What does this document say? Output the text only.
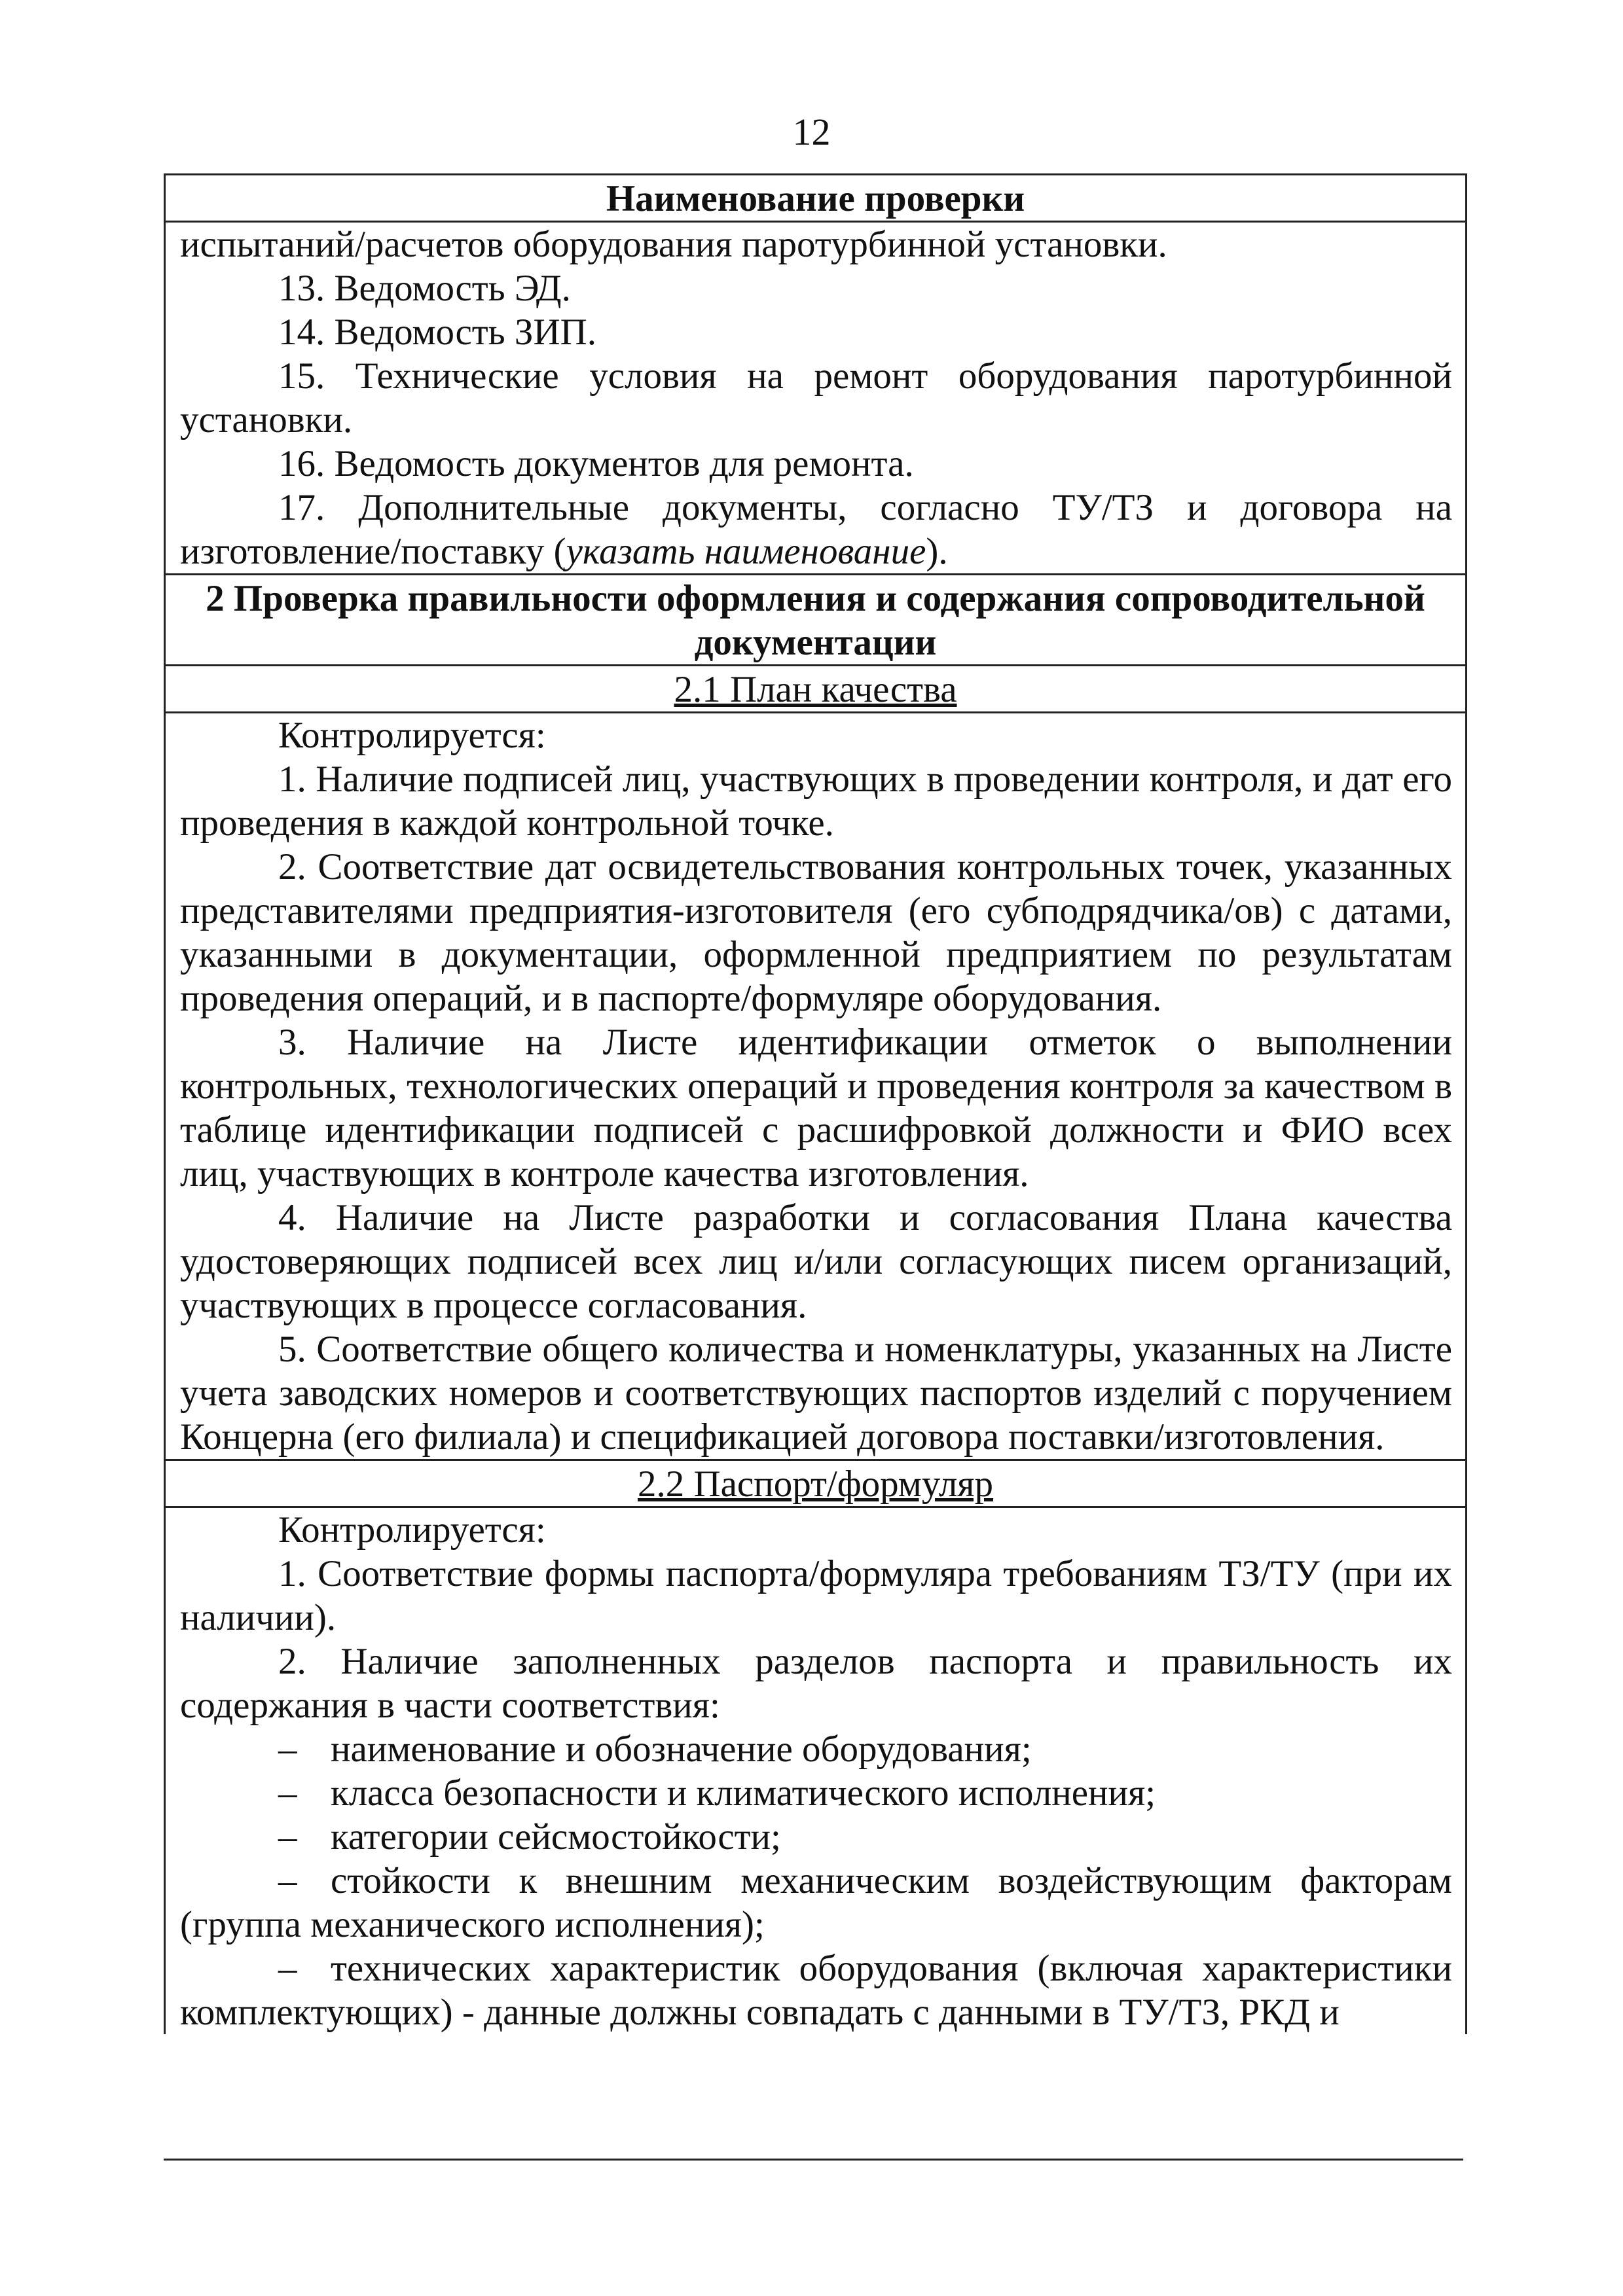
12
Наименование проверки

испытаний/расчетов оборудования паротурбинной установки.

13. Ведомость ЭД.

14. Ведомость ЗИП.

15. Технические условия на ремонт оборудования паротурбинной установки.

16. Ведомость документов для ремонта.

17. Дополнительные документы, согласно ТУ/ТЗ и договора на изготовление/поставку (указать наименование).

2 Проверка правильности оформления и содержания сопроводительной документации
2.1 План качества

Контролируется:

1. Наличие подписей лиц, участвующих в проведении контроля, и дат его проведения в каждой контрольной точке.

2. Соответствие дат освидетельствования контрольных точек, указанных представителями предприятия-изготовителя (его субподрядчика/ов) с датами, указанными в документации, оформленной предприятием по результатам проведения операций, и в паспорте/формуляре оборудования.

3. Наличие на Листе идентификации отметок о выполнении контрольных, технологических операций и проведения контроля за качеством в таблице идентификации подписей с расшифровкой должности и ФИО всех лиц, участвующих в контроле качества изготовления.

4. Наличие на Листе разработки и согласования Плана качества удостоверяющих подписей всех лиц и/или согласующих писем организаций, участвующих в процессе согласования.

5. Соответствие общего количества и номенклатуры, указанных на Листе учета заводских номеров и соответствующих паспортов изделий с поручением Концерна (его филиала) и спецификацией договора поставки/изготовления.

2.2 Паспорт/формуляр

Контролируется:

1. Соответствие формы паспорта/формуляра требованиям ТЗ/ТУ (при их наличии).

2. Наличие заполненных разделов паспорта и правильность их содержания в части соответствия:

– наименование и обозначение оборудования;

– класса безопасности и климатического исполнения;

– категории сейсмостойкости;

– стойкости к внешним механическим воздействующим факторам (группа механического исполнения);

– технических характеристик оборудования (включая характеристики комплектующих) - данные должны совпадать с данными в ТУ/ТЗ, РКД и
